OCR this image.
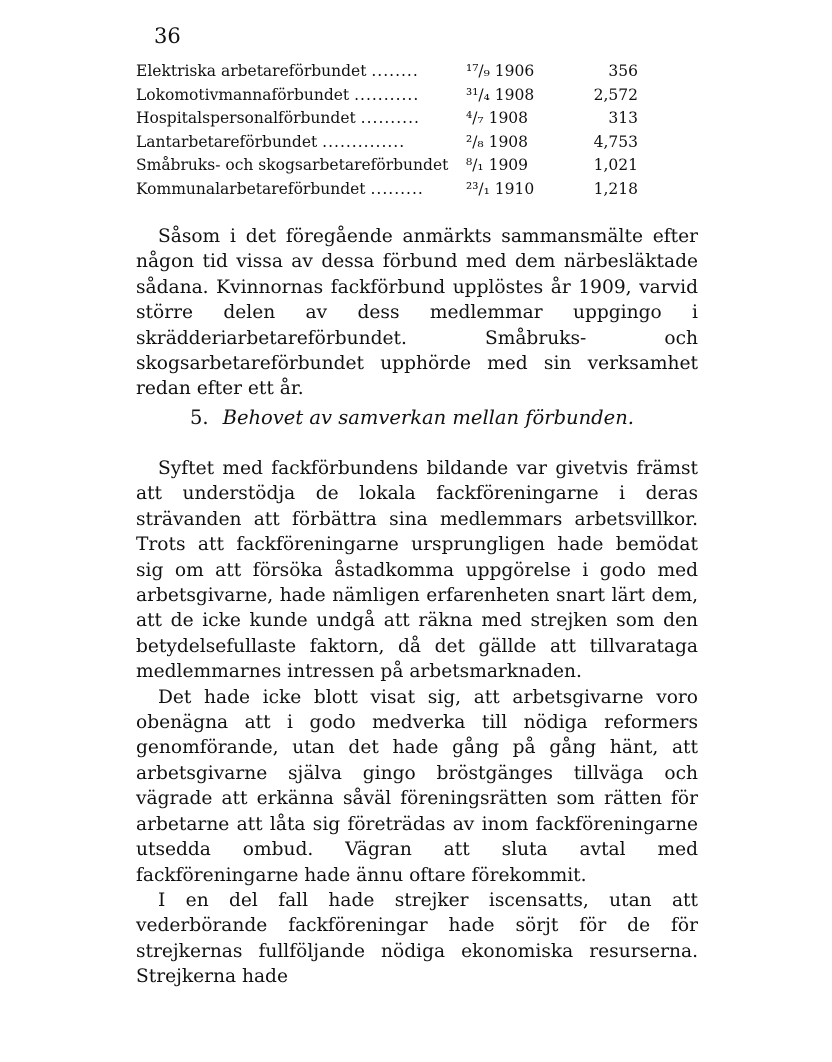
36
Elektriska arbetareförbundet ........	¹⁷/₉ 1906	356
Lokomotivmannaförbundet ...........	³¹/₄ 1908	2,572
Hospitalspersonalförbundet ..........	⁴/₇ 1908	313
Lantarbetareförbundet ..............	²/₈ 1908	4,753
Småbruks- och skogsarbetareförbundet ⁸/₁ 1909	1,021
Kommunalarbetareförbundet .........	²³/₁ 1910	1,218

Såsom i det föregående anmärkts sammansmälte efter någon tid vissa av dessa förbund med dem närbesläktade sådana. Kvinnornas fackförbund upplöstes år 1909, varvid större delen av dess medlemmar uppgingo i skrädderiarbetareförbundet. Småbruks- och skogsarbetareförbundet upphörde med sin verksamhet redan efter ett år.

5. Behovet av samverkan mellan förbunden.

Syftet med fackförbundens bildande var givetvis främst att understödja de lokala fackföreningarne i deras strävanden att förbättra sina medlemmars arbetsvillkor. Trots att fackföreningarne ursprungligen hade bemödat sig om att försöka åstadkomma uppgörelse i godo med arbetsgivarne, hade nämligen erfarenheten snart lärt dem, att de icke kunde undgå att räkna med strejken som den betydelsefullaste faktorn, då det gällde att tillvarataga medlemmarnes intressen på arbetsmarknaden.

Det hade icke blott visat sig, att arbetsgivarne voro obenägna att i godo medverka till nödiga reformers genomförande, utan det hade gång på gång hänt, att arbetsgivarne själva gingo bröstgänges tillväga och vägrade att erkänna såväl föreningsrätten som rätten för arbetarne att låta sig företrädas av inom fackföreningarne utsedda ombud. Vägran att sluta avtal med fackföreningarne hade ännu oftare förekommit.

I en del fall hade strejker iscensatts, utan att vederbörande fackföreningar hade sörjt för de för strejkernas fullföljande nödiga ekonomiska resurserna. Strejkerna hade
